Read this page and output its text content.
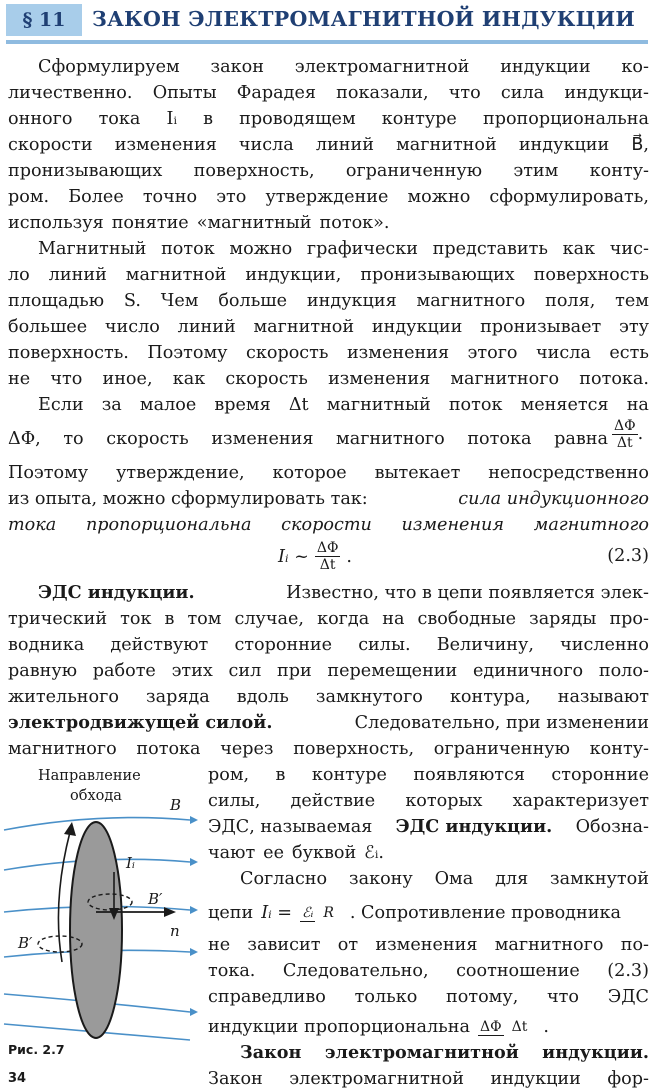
§ 11	ЗАКОН ЭЛЕКТРОМАГНИТНОЙ ИНДУКЦИИ
Сформулируем закон электромагнитной индукции ко-
личественно. Опыты Фарадея показали, что сила индукци-
онного тока Iᵢ в проводящем контуре пропорциональна
скорости изменения числа линий магнитной индукции B⃗,
пронизывающих поверхность, ограниченную этим конту-
ром. Более точно это утверждение можно сформулировать,
используя понятие «магнитный поток».
Магнитный поток можно графически представить как чис-
ло линий магнитной индукции, пронизывающих поверхность
площадью S. Чем больше индукция магнитного поля, тем
большее число линий магнитной индукции пронизывает эту
поверхность. Поэтому скорость изменения этого числа есть
не что иное, как скорость изменения магнитного потока.
Если за малое время Δt магнитный поток меняется на
ΔΦ, то скорость изменения магнитного потока равна $\frac{\Delta\Phi}{\Delta t}$ .
Поэтому утверждение, которое вытекает непосредственно
из опыта, можно сформулировать так:	сила индукционного
тока пропорциональна скорости изменения магнитного
Iᵢ ~ $\frac{\Delta\Phi}{\Delta t}$ .	(2.3)
ЭДС индукции.	Известно, что в цепи появляется элек-
трический ток в том случае, когда на свободные заряды про-
водника действуют сторонние силы. Величину, численно
равную работе этих сил при перемещении единичного поло-
жительного заряда вдоль замкнутого контура, называют
электродвижущей силой.	Следовательно, при изменении
магнитного потока через поверхность, ограниченную конту-
ром, в контуре появляются сторонние
силы, действие которых характеризует
ЭДС, называемая ЭДС индукции. Обозна-
чают ее буквой ℰᵢ.
Согласно закону Ома для замкнутой
цепи Iᵢ = ℰᵢ R . Сопротивление проводника
не зависит от изменения магнитного по-
тока. Следовательно, соотношение (2.3)
справедливо только потому, что ЭДС
индукции пропорциональна ΔΦ Δt .
Направление
обхода	B
Iᵢ
B′
n
B′
Рис. 2.7	Закон электромагнитной индукции.
Закон электромагнитной индукции фор-
34
